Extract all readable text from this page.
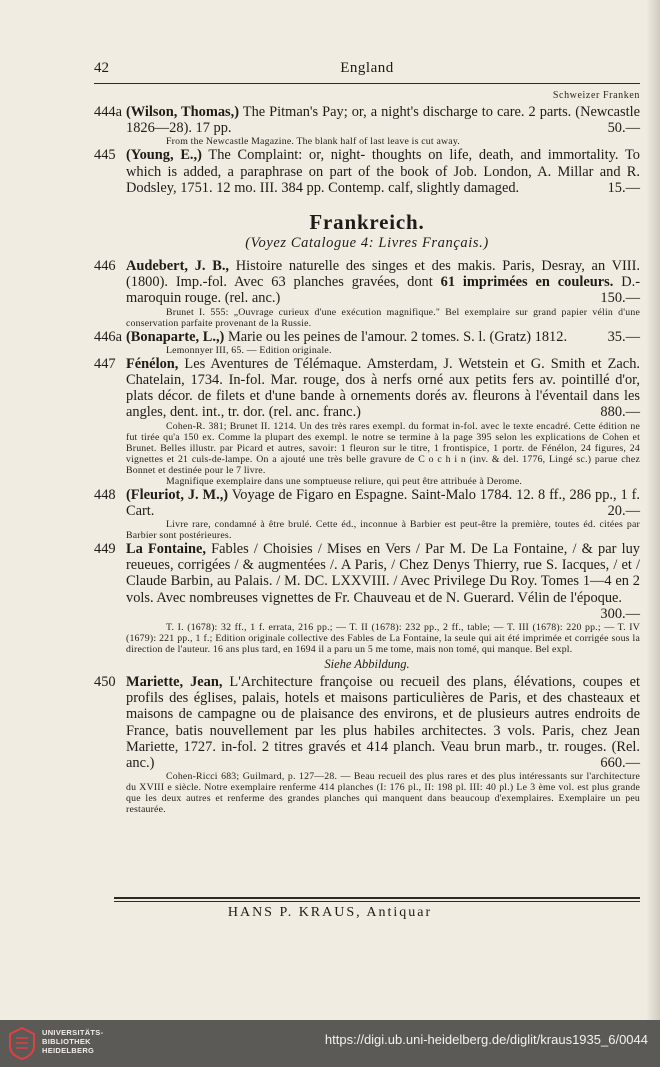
42	England
Schweizer Franken
444a (Wilson, Thomas,) The Pitman's Pay; or, a night's discharge to care. 2 parts. (Newcastle 1826—28). 17 pp.	50.—
From the Newcastle Magazine. The blank half of last leave is cut away.
445 (Young, E.,) The Complaint: or, night- thoughts on life, death, and immortality. To which is added, a paraphrase on part of the book of Job. London, A. Millar and R. Dodsley, 1751. 12 mo. III. 384 pp. Contemp. calf, slightly damaged.	15.—
Frankreich.
(Voyez Catalogue 4: Livres Français.)
446 Audebert, J. B., Histoire naturelle des singes et des makis. Paris, Desray, an VIII. (1800). Imp.-fol. Avec 63 planches gravées, dont 61 imprimées en couleurs. D.-maroquin rouge. (rel. anc.)	150.—
Brunet I. 555: „Ouvrage curieux d'une exécution magnifique." Bel exemplaire sur grand papier vélin d'une conservation parfaite provenant de la Russie.
446a (Bonaparte, L.,) Marie ou les peines de l'amour. 2 tomes. S. l. (Gratz) 1812.	35.—
Lemonnyer III, 65. — Edition originale.
447 Fénélon, Les Aventures de Télémaque. Amsterdam, J. Wetstein et G. Smith et Zach. Chatelain, 1734. In-fol. Mar. rouge, dos à nerfs orné aux petits fers av. pointillé d'or, plats décor. de filets et d'une bande à ornements dorés av. fleurons à l'éventail dans les angles, dent. int., tr. dor. (rel. anc. franc.)	880.—
Cohen-R. 381; Brunet II. 1214. Un des très rares exempl. du format in-fol. avec le texte encadré. Cette édition ne fut tirée qu'a 150 ex. Comme la plupart des exempl. le notre se termine à la page 395 selon les explications de Cohen et Brunet. Belles illustr. par Picard et autres, savoir: 1 fleuron sur le titre, 1 frontispice, 1 portr. de Fénélon, 24 figures, 24 vignettes et 21 culs-de-lampe. On a ajouté une très belle gravure de C o c h i n (inv. & del. 1776, Lingé sc.) parue chez Bonnet et destinée pour le 7 livre.
Magnifique exemplaire dans une somptueuse reliure, qui peut être attribuée à Derome.
448 (Fleuriot, J. M.,) Voyage de Figaro en Espagne. Saint-Malo 1784. 12. 8 ff., 286 pp., 1 f. Cart.	20.—
Livre rare, condamné à être brulé. Cette éd., inconnue à Barbier est peut-être la première, toutes éd. citées par Barbier sont postérieures.
449 La Fontaine, Fables / Choisies / Mises en Vers / Par M. De La Fontaine, / & par luy reueues, corrigées / & augmentées /. A Paris, / Chez Denys Thierry, rue S. Iacques, / et / Claude Barbin, au Palais. / M. DC. LXXVIII. / Avec Privilege Du Roy. Tomes 1—4 en 2 vols. Avec nombreuses vignettes de Fr. Chauveau et de N. Guerard. Vélin de l'époque.
300.—
T. I. (1678): 32 ff., 1 f. errata, 216 pp.; — T. II (1678): 232 pp., 2 ff., table; — T. III (1678): 220 pp.; — T. IV (1679): 221 pp., 1 f.; Edition originale collective des Fables de La Fontaine, la seule qui ait été imprimée et corrigée sous la direction de l'auteur. 16 ans plus tard, en 1694 il a paru un 5 me tome, mais non tomé, qui manque. Bel expl.
Siehe Abbildung.
450 Mariette, Jean, L'Architecture françoise ou recueil des plans, élévations, coupes et profils des églises, palais, hotels et maisons particulières de Paris, et des chasteaux et maisons de campagne ou de plaisance des environs, et de plusieurs autres endroits de France, batis nouvellement par les plus habiles architectes. 3 vols. Paris, chez Jean Mariette, 1727. in-fol. 2 titres gravés et 414 planch. Veau brun marb., tr. rouges. (Rel. anc.)	660.—
Cohen-Ricci 683; Guilmard, p. 127—28. — Beau recueil des plus rares et des plus intéressants sur l'architecture du XVIII e siècle. Notre exemplaire renferme 414 planches (I: 176 pl., II: 198 pl. III: 40 pl.) Le 3 ème vol. est plus grande que les deux autres et renferme des grandes planches qui manquent dans beaucoup d'exemplaires. Exemplaire un peu restaurée.
HANS P. KRAUS, Antiquar
UNIVERSITÄTS-
BIBLIOTHEK
HEIDELBERG
https://digi.ub.uni-heidelberg.de/diglit/kraus1935_6/0044
